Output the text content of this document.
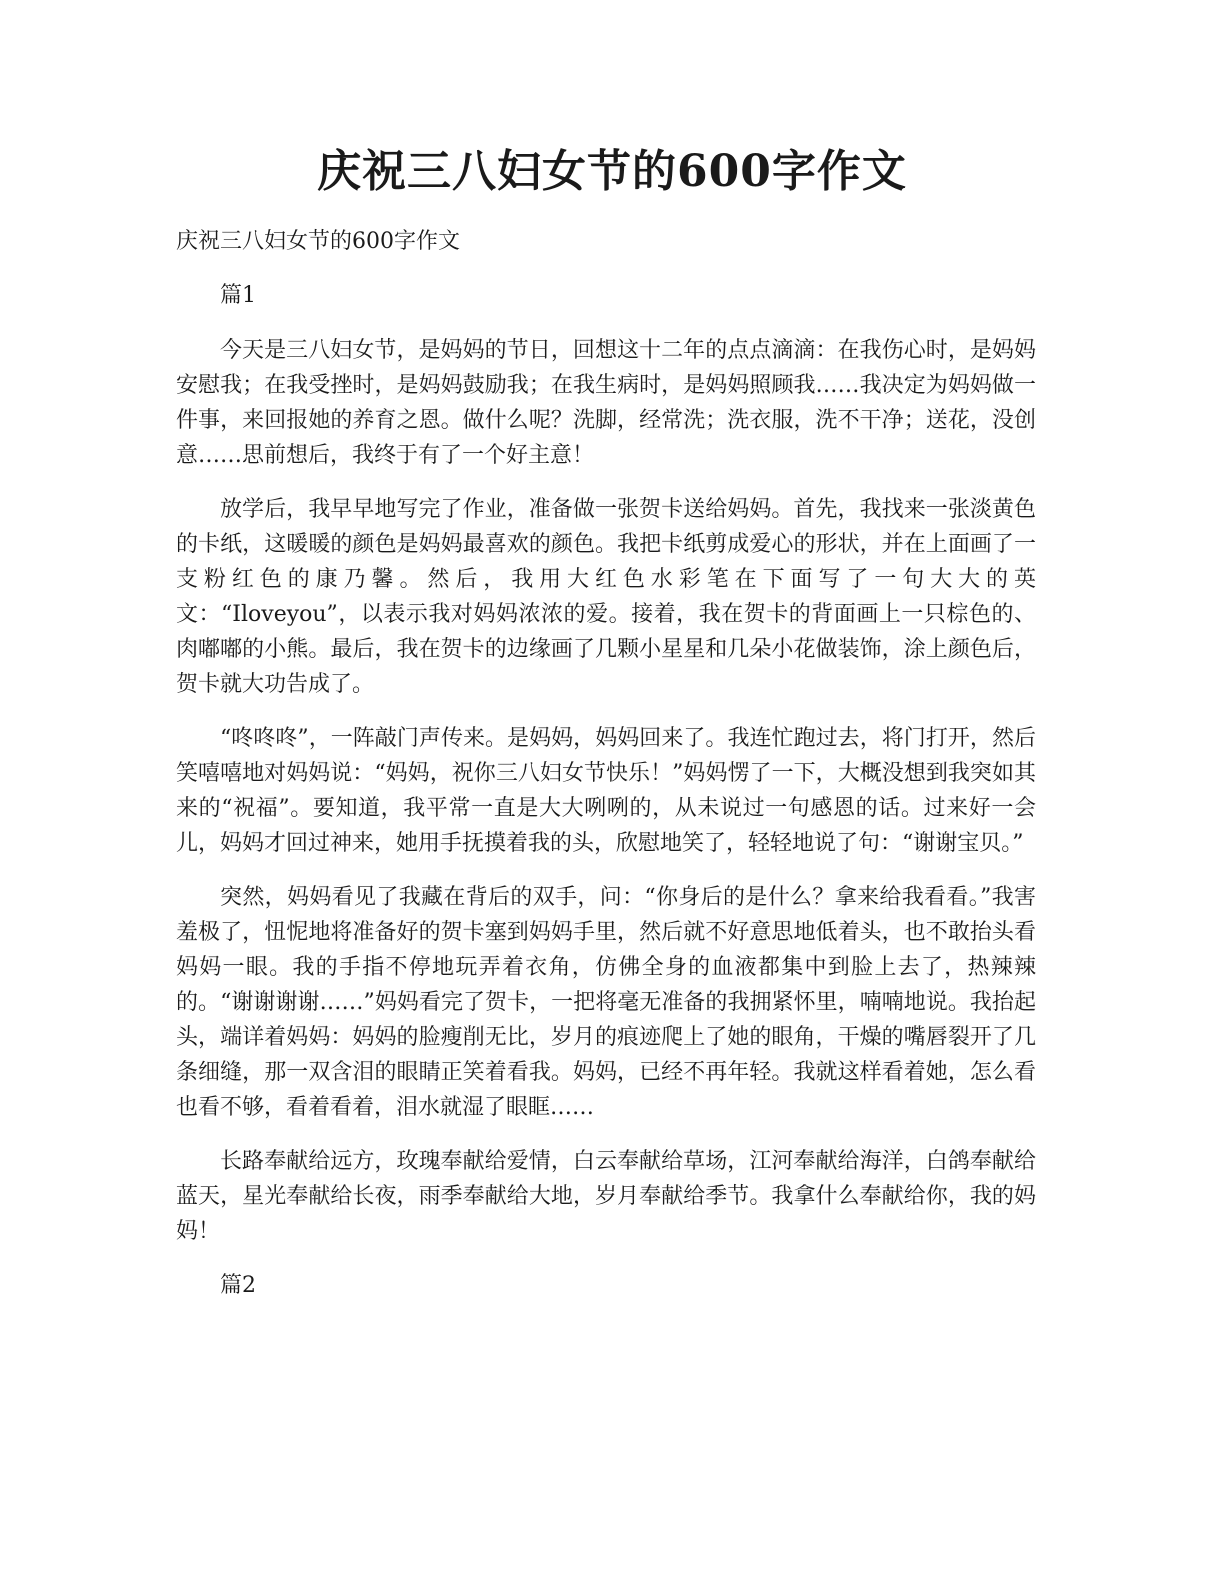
庆祝三八妇女节的600字作文

庆祝三八妇女节的600字作文

篇1

今天是三八妇女节，是妈妈的节日，回想这十二年的点点滴滴：在我伤心时，是妈妈安慰我；在我受挫时，是妈妈鼓励我；在我生病时，是妈妈照顾我……我决定为妈妈做一件事，来回报她的养育之恩。做什么呢？洗脚，经常洗；洗衣服，洗不干净；送花，没创意……思前想后，我终于有了一个好主意！

放学后，我早早地写完了作业，准备做一张贺卡送给妈妈。首先，我找来一张淡黄色的卡纸，这暖暖的颜色是妈妈最喜欢的颜色。我把卡纸剪成爱心的形状，并在上面画了一支粉红色的康乃馨。然后，我用大红色水彩笔在下面写了一句大大的英文：“Iloveyou”，以表示我对妈妈浓浓的爱。接着，我在贺卡的背面画上一只棕色的、肉嘟嘟的小熊。最后，我在贺卡的边缘画了几颗小星星和几朵小花做装饰，涂上颜色后，贺卡就大功告成了。

“咚咚咚”，一阵敲门声传来。是妈妈，妈妈回来了。我连忙跑过去，将门打开，然后笑嘻嘻地对妈妈说：“妈妈，祝你三八妇女节快乐！”妈妈愣了一下，大概没想到我突如其来的“祝福”。要知道，我平常一直是大大咧咧的，从未说过一句感恩的话。过来好一会儿，妈妈才回过神来，她用手抚摸着我的头，欣慰地笑了，轻轻地说了句：“谢谢宝贝。”

突然，妈妈看见了我藏在背后的双手，问：“你身后的是什么？拿来给我看看。”我害羞极了，忸怩地将准备好的贺卡塞到妈妈手里，然后就不好意思地低着头，也不敢抬头看妈妈一眼。我的手指不停地玩弄着衣角，仿佛全身的血液都集中到脸上去了，热辣辣的。“谢谢谢谢……”妈妈看完了贺卡，一把将毫无准备的我拥紧怀里，喃喃地说。我抬起头，端详着妈妈：妈妈的脸瘦削无比，岁月的痕迹爬上了她的眼角，干燥的嘴唇裂开了几条细缝，那一双含泪的眼睛正笑着看我。妈妈，已经不再年轻。我就这样看着她，怎么看也看不够，看着看着，泪水就湿了眼眶……

长路奉献给远方，玫瑰奉献给爱情，白云奉献给草场，江河奉献给海洋，白鸽奉献给蓝天，星光奉献给长夜，雨季奉献给大地，岁月奉献给季节。我拿什么奉献给你，我的妈妈！

篇2
